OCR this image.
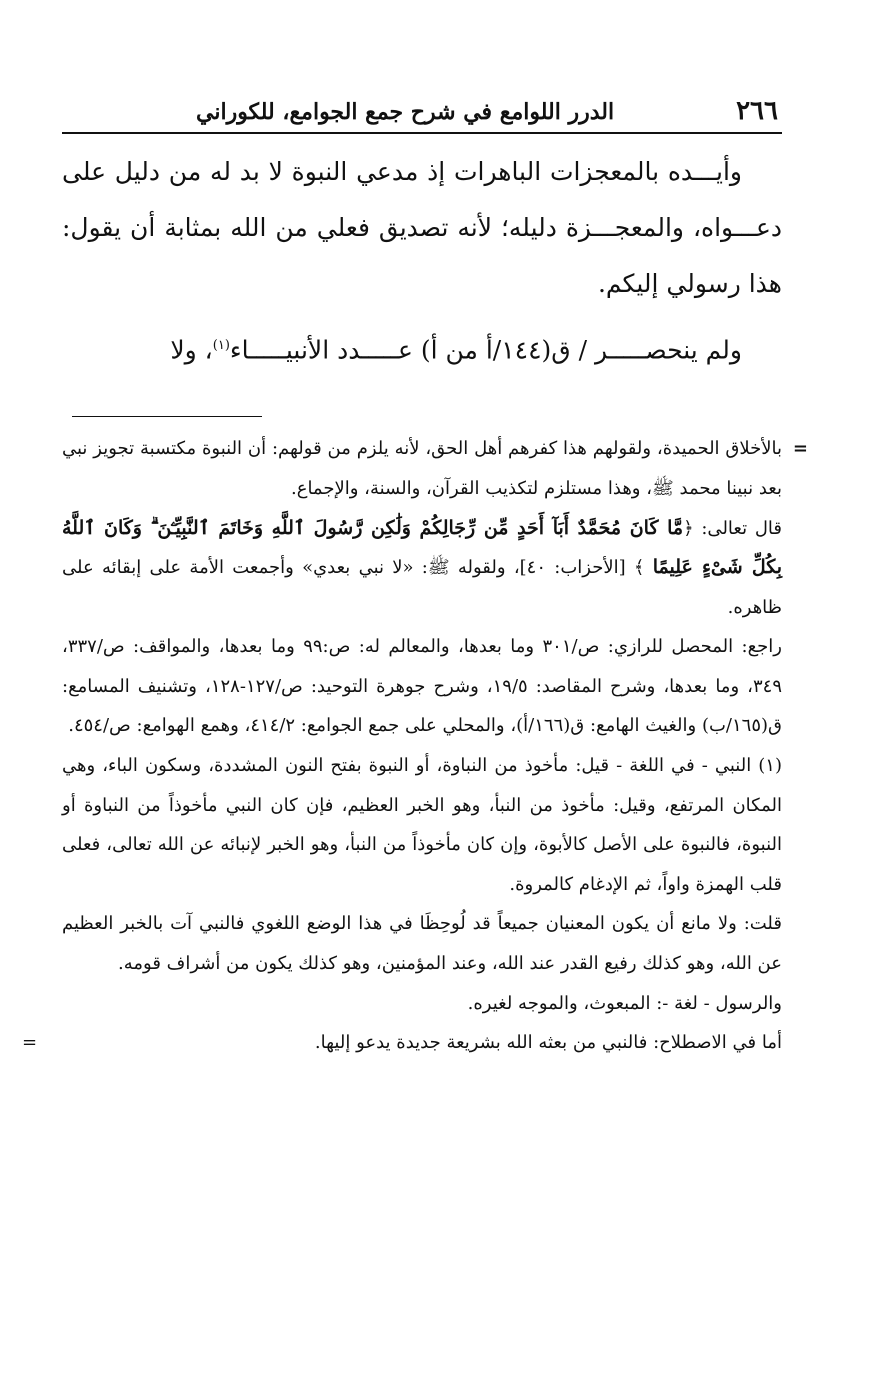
٢٦٦
الدرر اللوامع في شرح جمع الجوامع، للكوراني

وأيـــده بالمعجزات الباهرات إذ مدعي النبوة لا بد له من دليل على دعـــواه، والمعجـــزة دليله؛ لأنه تصديق فعلي من الله بمثابة أن يقول: هذا رسولي إليكم.

ولم ينحصـــــر / ق(١٤٤/أ من أ) عـــــدد الأنبيـــــاء$^{(١)}$، ولا

=
بالأخلاق الحميدة، ولقولهم هذا كفرهم أهل الحق، لأنه يلزم من قولهم: أن النبوة مكتسبة تجويز نبي بعد نبينا محمد ﷺ، وهذا مستلزم لتكذيب القرآن، والسنة، والإجماع.

قال تعالى: ﴿مَّا كَانَ مُحَمَّدٌ أَبَآ أَحَدٍ مِّن رِّجَالِكُمْ وَلَٰكِن رَّسُولَ ٱللَّهِ وَخَاتَمَ ٱلنَّبِيِّـۧنَ ۗ وَكَانَ ٱللَّهُ بِكُلِّ شَىْءٍ عَلِيمًا ﴾ [الأحزاب: ٤٠]، ولقوله ﷺ: «لا نبي بعدي» وأجمعت الأمة على إبقائه على ظاهره.

راجع: المحصل للرازي: ص/٣٠١ وما بعدها، والمعالم له: ص:٩٩ وما بعدها، والمواقف: ص/٣٣٧، ٣٤٩، وما بعدها، وشرح المقاصد: ١٩/٥، وشرح جوهرة التوحيد: ص/١٢٧-١٢٨، وتشنيف المسامع: ق(١٦٥/ب) والغيث الهامع: ق(١٦٦/أ)، والمحلي على جمع الجوامع: ٤١٤/٢، وهمع الهوامع: ص/٤٥٤.

(١) النبي - في اللغة - قيل: مأخوذ من النباوة، أو النبوة بفتح النون المشددة، وسكون الباء، وهي المكان المرتفع، وقيل: مأخوذ من النبأ، وهو الخبر العظيم، فإن كان النبي مأخوذاً من النباوة أو النبوة، فالنبوة على الأصل كالأبوة، وإن كان مأخوذاً من النبأ، وهو الخبر لإنبائه عن الله تعالى، فعلى قلب الهمزة واواً، ثم الإدغام كالمروة.

قلت: ولا مانع أن يكون المعنيان جميعاً قد لُوحِظَا في هذا الوضع اللغوي فالنبي آت بالخبر العظيم عن الله، وهو كذلك رفيع القدر عند الله، وعند المؤمنين، وهو كذلك يكون من أشراف قومه.

والرسول - لغة -: المبعوث، والموجه لغيره.

أما في الاصطلاح: فالنبي من بعثه الله بشريعة جديدة يدعو إليها.
=
